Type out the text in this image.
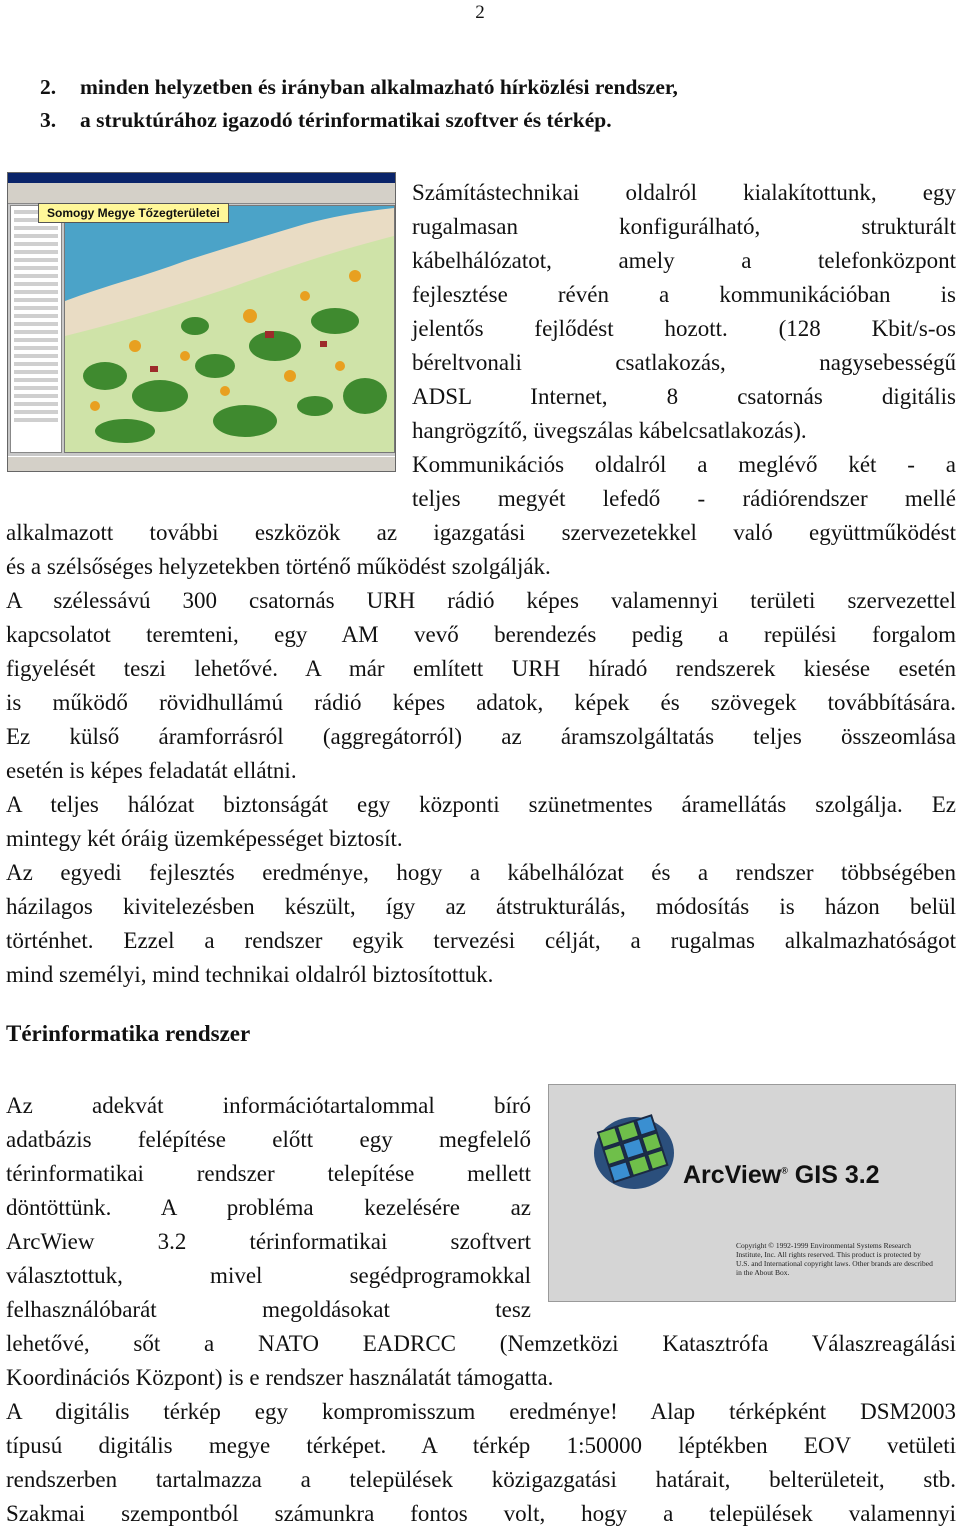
2
2. minden helyzetben és irányban alkalmazható hírközlési rendszer,
3. a struktúrához igazodó térinformatikai szoftver és térkép.
Somogy Megye Tőzegterületei
Számítástechnikai oldalról kialakítottunk, egy
rugalmasan konfigurálható, strukturált
kábelhálózatot, amely a telefonközpont
fejlesztése révén a kommunikációban is
jelentős fejlődést hozott. (128 Kbit/s-os
béreltvonali csatlakozás, nagysebességű
ADSL Internet, 8 csatornás digitális
hangrögzítő, üvegszálas kábelcsatlakozás).
Kommunikációs oldalról a meglévő két - a
teljes megyét lefedő - rádiórendszer mellé
alkalmazott további eszközök az igazgatási szervezetekkel való együttműködést
és a szélsőséges helyzetekben történő működést szolgálják.
A szélessávú 300 csatornás URH rádió képes valamennyi területi szervezettel
kapcsolatot teremteni, egy AM vevő berendezés pedig a repülési forgalom
figyelését teszi lehetővé. A már említett URH híradó rendszerek kiesése esetén
is működő rövidhullámú rádió képes adatok, képek és szövegek továbbítására.
Ez külső áramforrásról (aggregátorról) az áramszolgáltatás teljes összeomlása
esetén is képes feladatát ellátni.
A teljes hálózat biztonságát egy központi szünetmentes áramellátás szolgálja. Ez
mintegy két óráig üzemképességet biztosít.
Az egyedi fejlesztés eredménye, hogy a kábelhálózat és a rendszer többségében
házilagos kivitelezésben készült, így az átstrukturálás, módosítás is házon belül
történhet. Ezzel a rendszer egyik tervezési célját, a rugalmas alkalmazhatóságot
mind személyi, mind technikai oldalról biztosítottuk.
Térinformatika rendszer
Az adekvát információtartalommal bíró
adatbázis felépítése előtt egy megfelelő
térinformatikai rendszer telepítése mellett
döntöttünk. A probléma kezelésére az
ArcWiew 3.2 térinformatikai szoftvert
választottuk, mivel segédprogramokkal
felhasználóbarát megoldásokat tesz
lehetővé, sőt a NATO EADRCC (Nemzetközi Katasztrófa Válaszreagálási
Koordinációs Központ) is e rendszer használatát támogatta.
ArcView® GIS 3.2
Copyright © 1992-1999 Environmental Systems Research Institute, Inc. All rights reserved. This product is protected by U.S. and International copyright laws. Other brands are described in the About Box.
A digitális térkép egy kompromisszum eredménye! Alap térképként DSM2003
típusú digitális megye térképet. A térkép 1:50000 léptékben EOV vetületi
rendszerben tartalmazza a települések közigazgatási határait, belterületeit, stb.
Szakmai szempontból számunkra fontos volt, hogy a települések valamennyi
